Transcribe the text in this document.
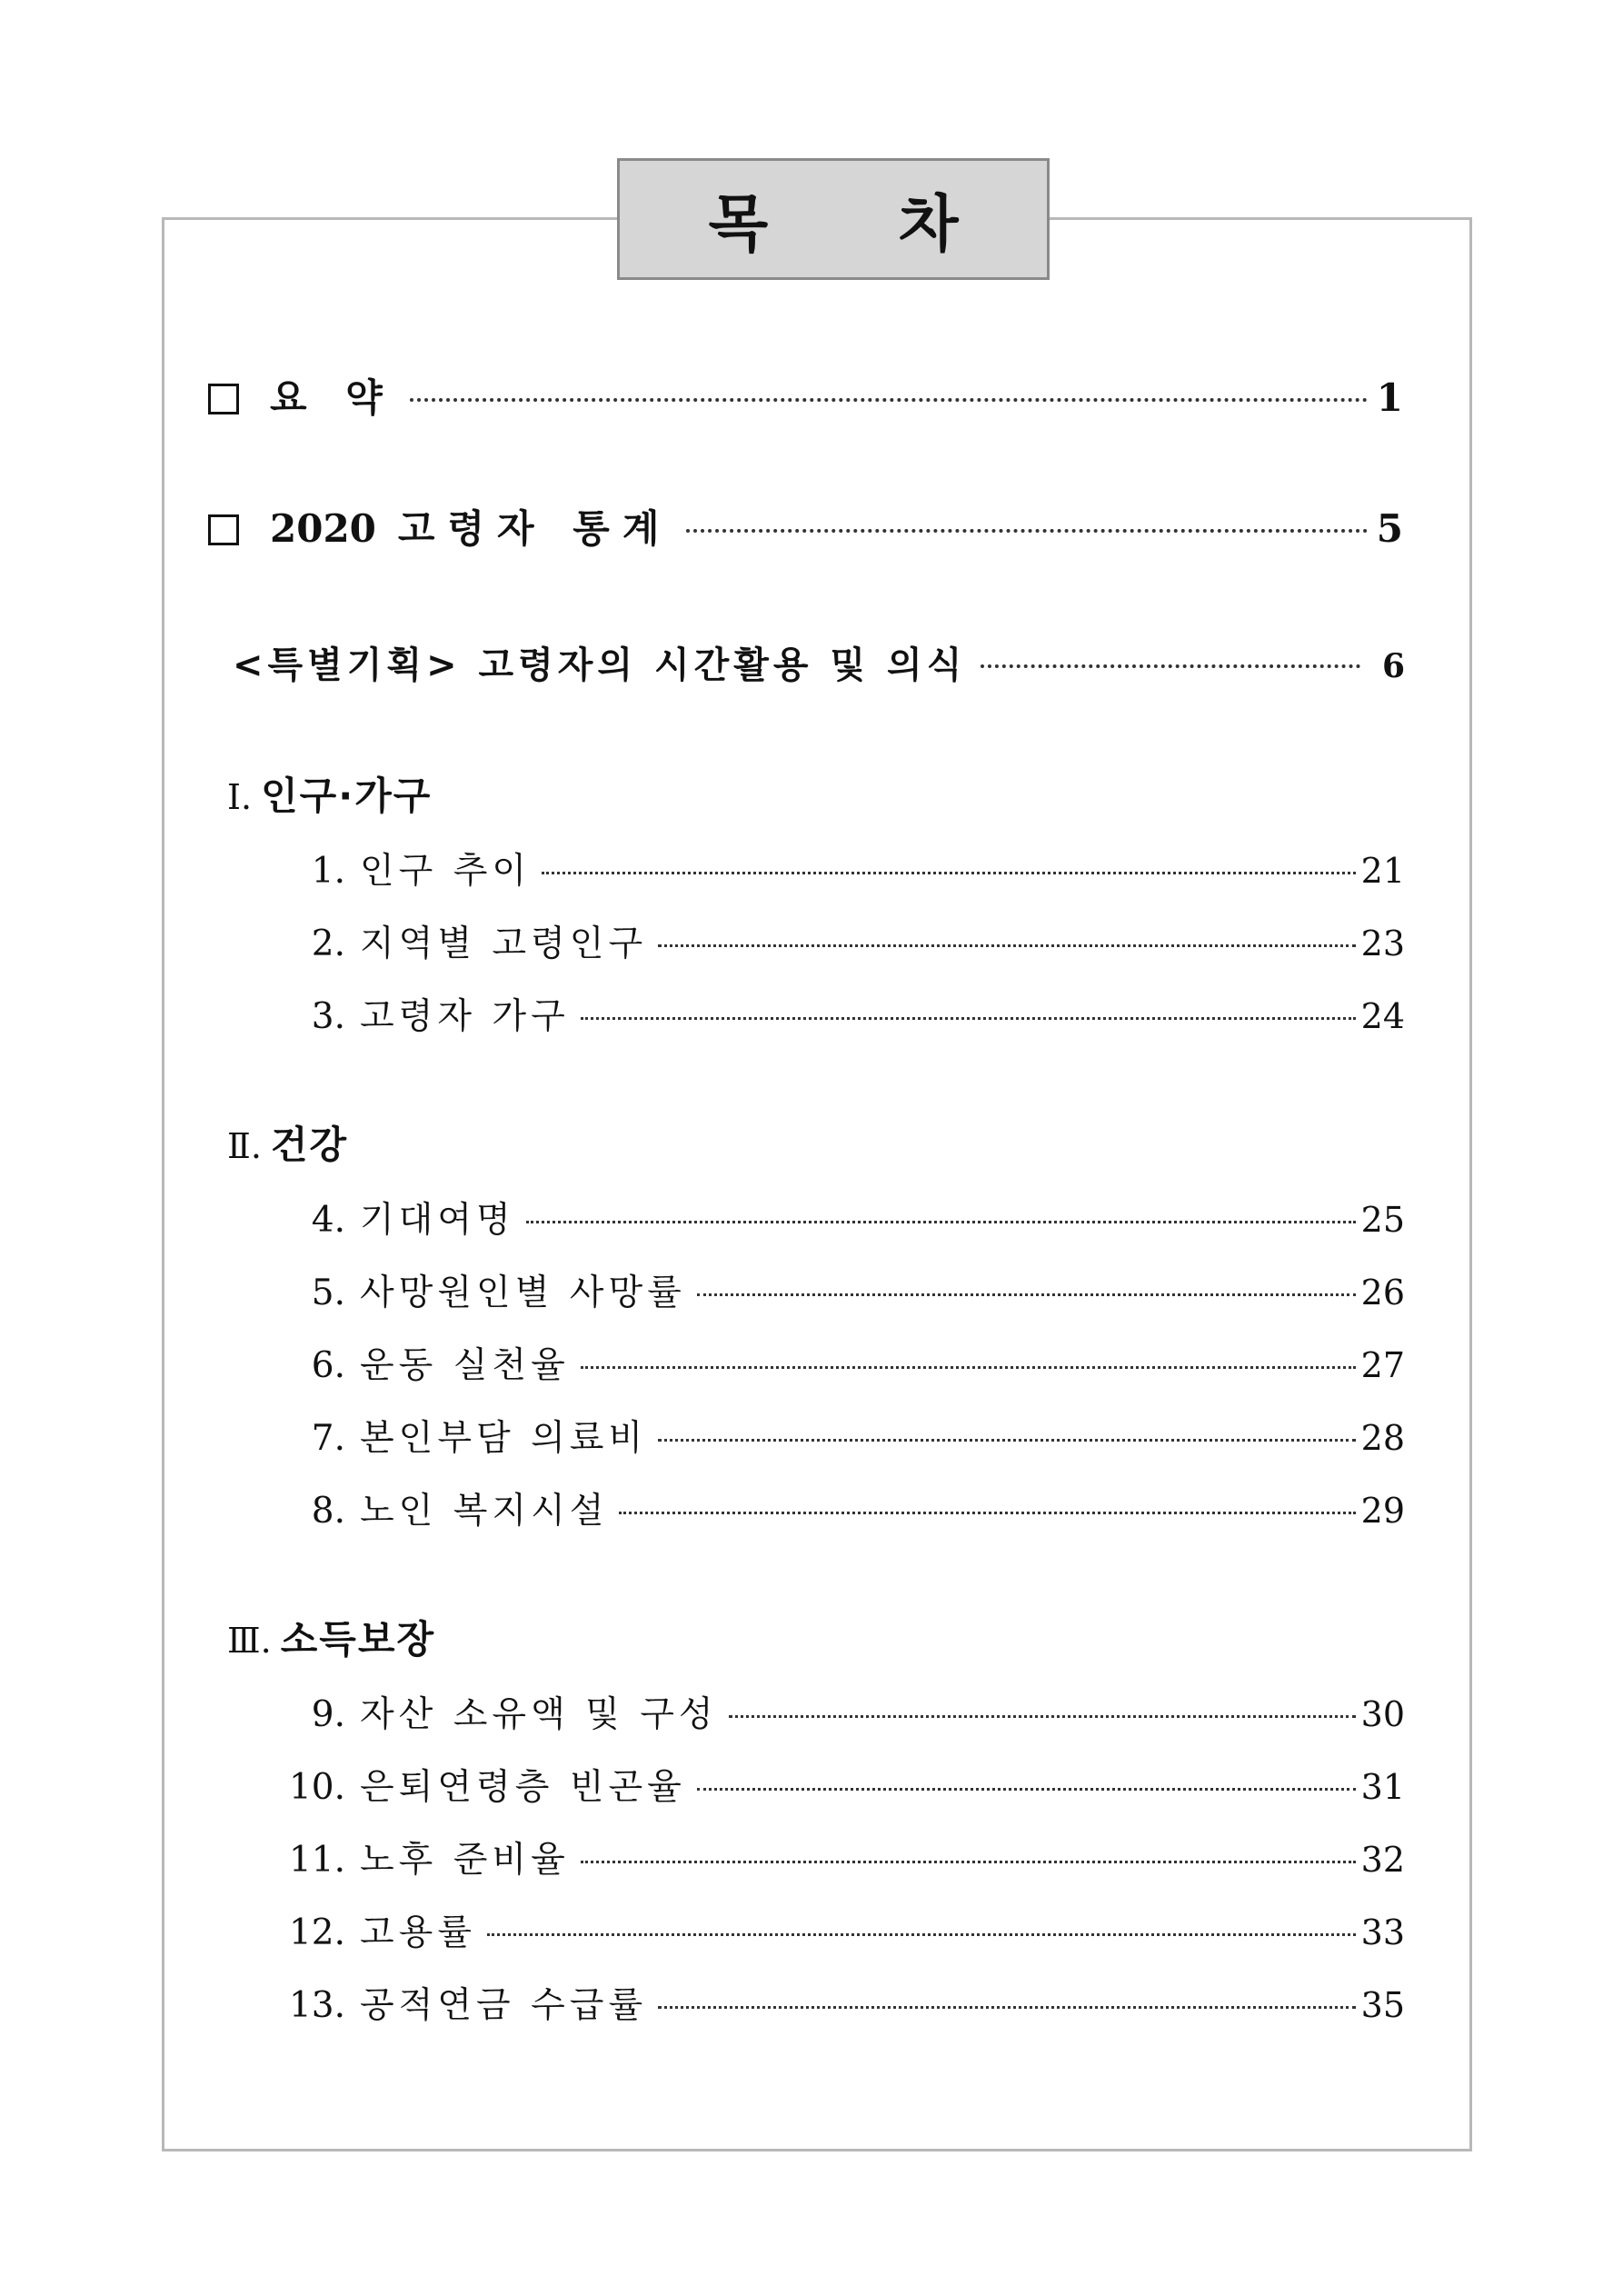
목 차
요 약	1
2020 고령자 통계	5
<특별기획> 고령자의 시간활용 및 의식	6
Ⅰ. 인구·가구
1. 인구 추이	21
2. 지역별 고령인구	23
3. 고령자 가구	24
Ⅱ. 건강
4. 기대여명	25
5. 사망원인별 사망률	26
6. 운동 실천율	27
7. 본인부담 의료비	28
8. 노인 복지시설	29
Ⅲ. 소득보장
9. 자산 소유액 및 구성	30
10. 은퇴연령층 빈곤율	31
11. 노후 준비율	32
12. 고용률	33
13. 공적연금 수급률	35
